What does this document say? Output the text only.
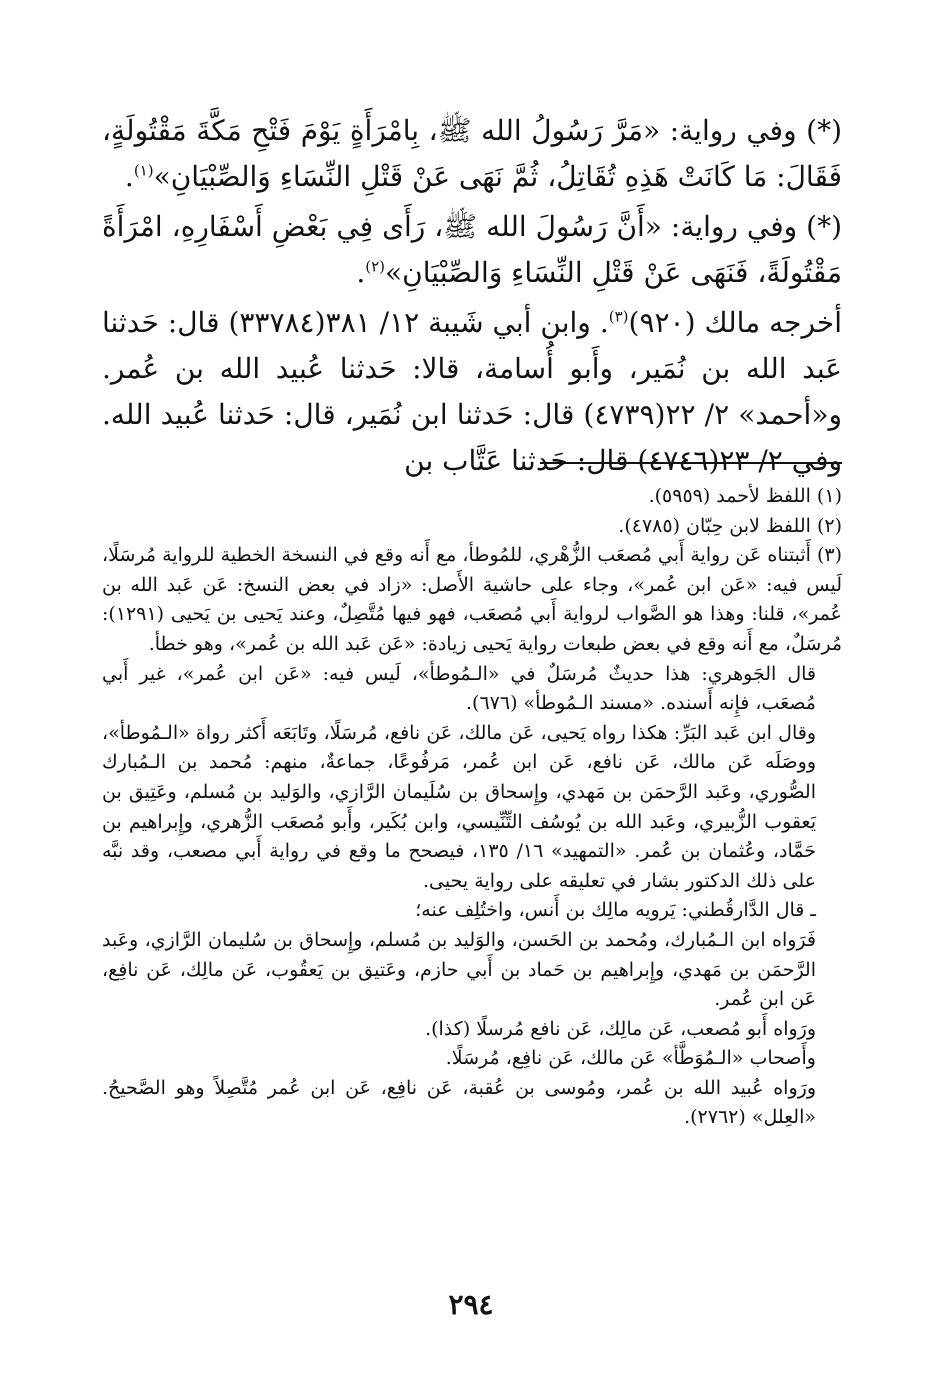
(*) وفي رواية: «مَرَّ رَسُولُ الله ﷺ، بِامْرَأَةٍ يَوْمَ فَتْحِ مَكَّةَ مَقْتُولَةٍ، فَقَالَ: مَا كَانَتْ هَذِهِ تُقَاتِلُ، ثُمَّ نَهَى عَنْ قَتْلِ النِّسَاءِ وَالصِّبْيَانِ»$^{(١)}$.

(*) وفي رواية: «أَنَّ رَسُولَ الله ﷺ، رَأَى فِي بَعْضِ أَسْفَارِهِ، امْرَأَةً مَقْتُولَةً، فَنَهَى عَنْ قَتْلِ النِّسَاءِ وَالصِّبْيَانِ»$^{(٢)}$.

أخرجه مالك (٩٢٠)$^{(٣)}$. وابن أبي شَيبة ١٢/ ٣٨١(٣٣٧٨٤) قال: حَدثنا عَبد الله بن نُمَير، وأَبو أُسامة، قالا: حَدثنا عُبيد الله بن عُمر. و«أحمد» ٢/ ٢٢(٤٧٣٩) قال: حَدثنا ابن نُمَير، قال: حَدثنا عُبيد الله. وفي ٢/ ٢٣(٤٧٤٦) قال: حَدثنا عَتَّاب بن

(١) اللفظ لأحمد (٥٩٥٩).

(٢) اللفظ لابن حِبّان (٤٧٨٥).

(٣) أَثبتناه عَن رواية أَبي مُصعَب الزُّهْري، للمُوطأ، مع أَنه وقع في النسخة الخطية للرواية مُرسَلًا، لَيس فيه: «عَن ابن عُمر»، وجاء على حاشية الأَصل: «زاد في بعض النسخ: عَن عَبد الله بن عُمر»، قلنا: وهذا هو الصَّواب لرواية أَبي مُصعَب، فهو فيها مُتَّصِلٌ، وعند يَحيى بن يَحيى (١٢٩١): مُرسَلٌ، مع أَنه وقع في بعض طبعات رواية يَحيى زيادة: «عَن عَبد الله بن عُمر»، وهو خطأ.

قال الجَوهري: هذا حديثٌ مُرسَلٌ في «الـمُوطأ»، لَيس فيه: «عَن ابن عُمر»، غير أَبي مُصعَب، فإِنه أَسنده. «مسند الـمُوطأ» (٦٧٦).

وقال ابن عَبد البَرِّ: هكذا رواه يَحيى، عَن مالك، عَن نافع، مُرسَلًا، وتَابَعَه أَكثر رواة «الـمُوطأ»، ووصَلَه عَن مالك، عَن نافع، عَن ابن عُمر، مَرفُوعًا، جماعةٌ، منهم: مُحمد بن الـمُبارك الصُّوري، وعَبد الرَّحمَن بن مَهدي، وإِسحاق بن سُلَيمان الرَّازي، والوَليد بن مُسلم، وعَتِيق بن يَعقوب الزُّبيري، وعَبد الله بن يُوسُف التِّنِّيسي، وابن بُكَير، وأَبو مُصعَب الزُّهري، وإِبراهيم بن حَمَّاد، وعُثمان بن عُمر. «التمهيد» ١٦/ ١٣٥، فيصحح ما وقع في رواية أَبي مصعب، وقد نبَّه على ذلك الدكتور بشار في تعليقه على رواية يحيى.

ـ قال الدَّارقُطني: يَرويه مالِك بن أَنس، واختُلِف عنه؛

فَرَواه ابن الـمُبارك، ومُحمد بن الحَسن، والوَليد بن مُسلم، وإِسحاق بن سُليمان الرَّازي، وعَبد الرَّحمَن بن مَهدي، وإِبراهيم بن حَماد بن أَبي حازم، وعَتيق بن يَعقُوب، عَن مالِك، عَن نافِع، عَن ابن عُمر.

ورَواه أَبو مُصعب، عَن مالِك، عَن نافع مُرسلًا (كذا).

وأَصحاب «الـمُوَطَّأ» عَن مالك، عَن نافِع، مُرسَلًا.

ورَواه عُبيد الله بن عُمر، ومُوسى بن عُقبة، عَن نافِع، عَن ابن عُمر مُتَّصِلاً وهو الصَّحيحُ. «العِلل» (٢٧٦٢).

٢٩٤
